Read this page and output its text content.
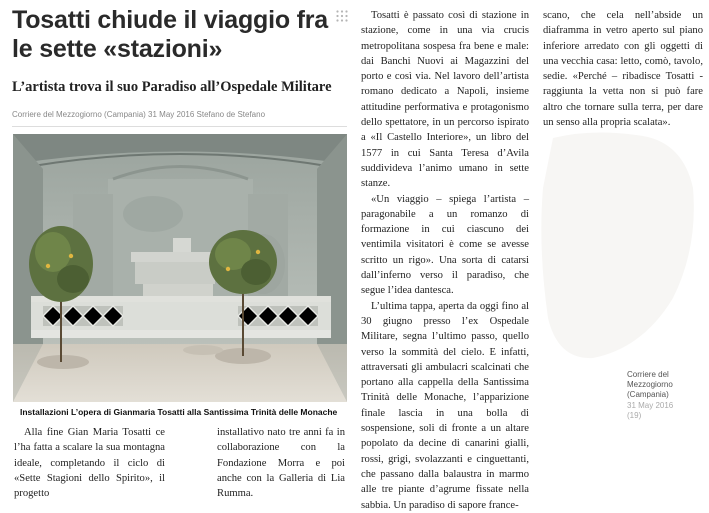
Tosatti chiude il viaggio fra le sette «stazioni»
L’artista trova il suo Paradiso all’Ospedale Militare
Corriere del Mezzogiorno (Campania) 31 May 2016 Stefano de Stefano

Installazioni L’opera di Gianmaria Tosatti alla Santissima Trinità delle Monache

Alla fine Gian Maria Tosatti ce l’ha fatta a scalare la sua montagna ideale, completando il ciclo di «Sette Stagioni dello Spirito», il progetto

installativo nato tre anni fa in collaborazione con la Fondazione Morra e poi anche con la Galleria di Lia Rumma.

Tosatti è passato così di stazione in stazione, come in una via crucis metropolitana sospesa fra bene e male: dai Banchi Nuovi ai Magazzini del porto e così via. Nel lavoro dell’artista romano dedicato a Napoli, insieme attitudine performativa e protagonismo dello spettatore, in un percorso ispirato a «Il Castello Interiore», un libro del 1577 in cui Santa Teresa d’Avila suddivideva l’animo umano in sette stanze.

«Un viaggio – spiega l’artista – paragonabile a un romanzo di formazione in cui ciascuno dei ventimila visitatori è come se avesse scritto un rigo». Una sorta di catarsi dall’inferno verso il paradiso, che segue l’idea dantesca.

L’ultima tappa, aperta da oggi fino al 30 giugno presso l’ex Ospedale Militare, segna l’ultimo passo, quello verso la sommità del cielo. E infatti, attraversati gli ambulacri scalcinati che portano alla cappella della Santissima Trinità delle Monache, l’apparizione finale lascia in una bolla di sospensione, soli di fronte a un altare popolato da decine di canarini gialli, rossi, grigi, svolazzanti e cinguettanti, che passano dalla balaustra in marmo alle tre piante d’agrume fissate nella sabbia. Un paradiso di sapore france-

scano, che cela nell’abside un diaframma in vetro aperto sul piano inferiore arredato con gli oggetti di una vecchia casa: letto, comò, tavolo, sedie. «Perché – ribadisce Tosatti - raggiunta la vetta non si può fare altro che tornare sulla terra, per dare un senso alla propria scalata».

Corriere del Mezzogiorno (Campania)
31 May 2016
(19)
